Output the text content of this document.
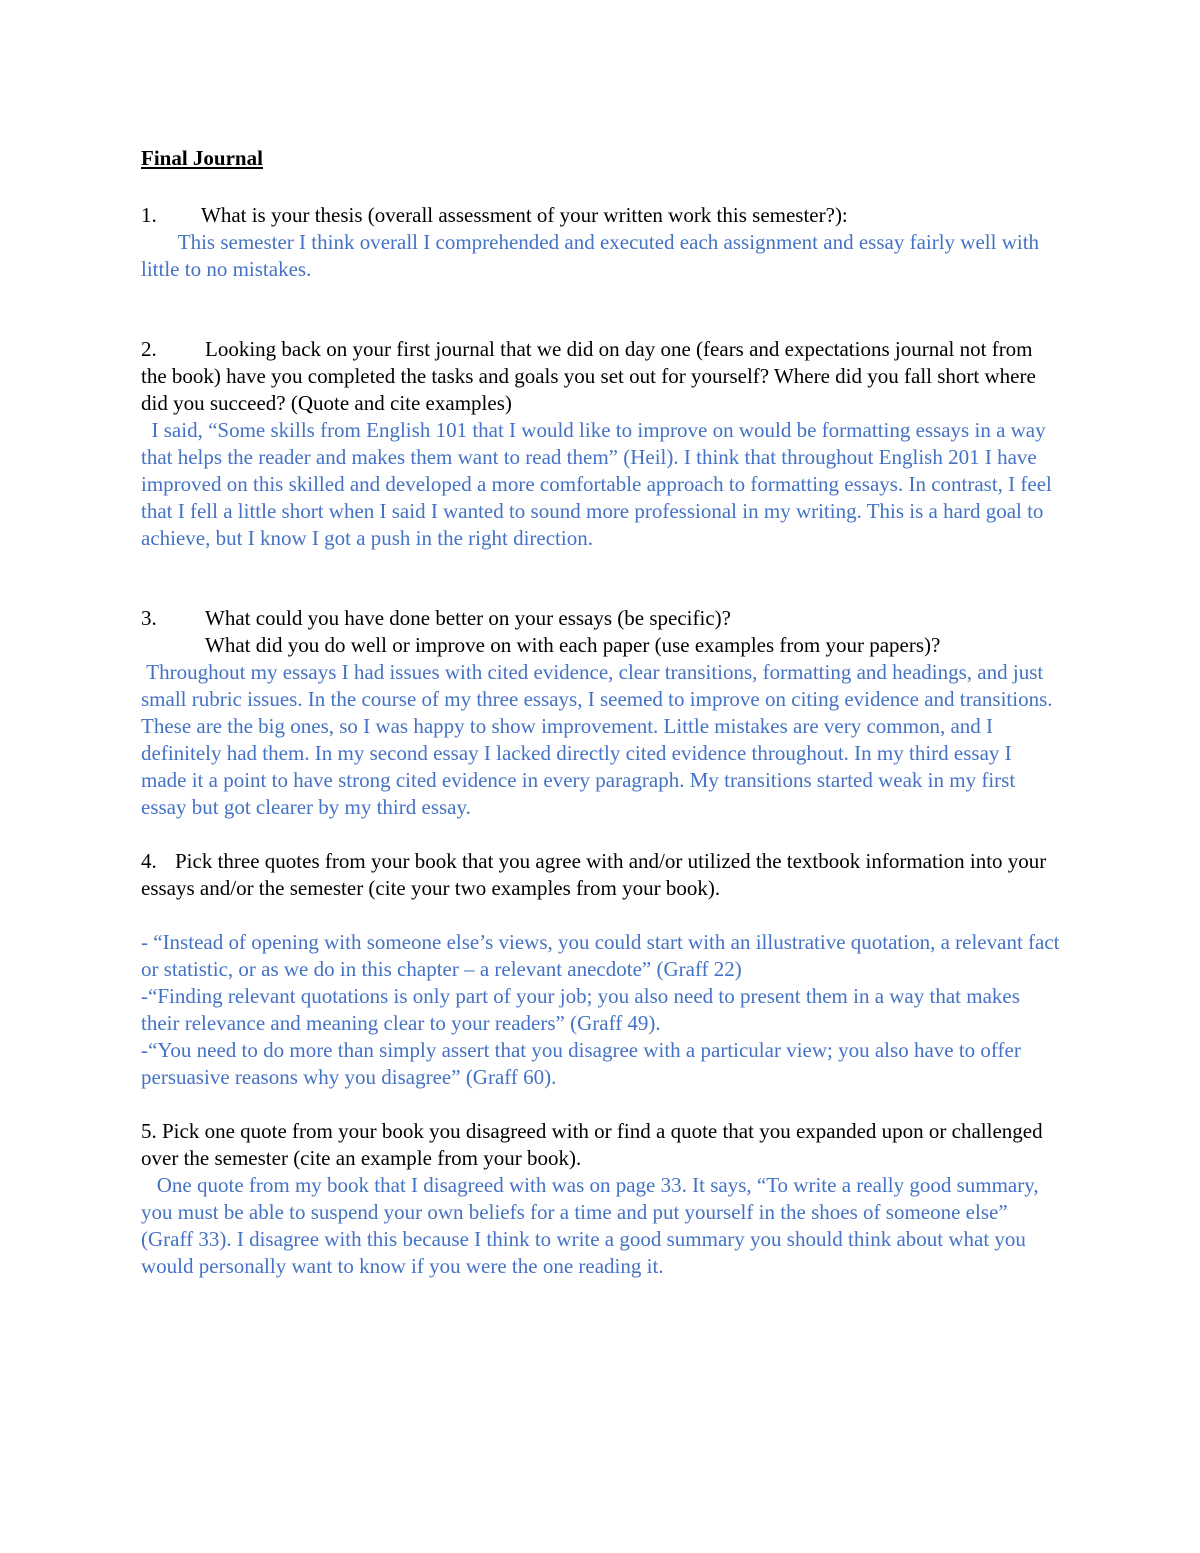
Final Journal

1. What is your thesis (overall assessment of your written work this semester?):

This semester I think overall I comprehended and executed each assignment and essay fairly well with little to no mistakes.

2. Looking back on your first journal that we did on day one (fears and expectations journal not from the book) have you completed the tasks and goals you set out for yourself? Where did you fall short where did you succeed? (Quote and cite examples)

I said, “Some skills from English 101 that I would like to improve on would be formatting essays in a way that helps the reader and makes them want to read them” (Heil). I think that throughout English 201 I have improved on this skilled and developed a more comfortable approach to formatting essays. In contrast, I feel that I fell a little short when I said I wanted to sound more professional in my writing. This is a hard goal to achieve, but I know I got a push in the right direction.

3. What could you have done better on your essays (be specific)?

What did you do well or improve on with each paper (use examples from your papers)?

Throughout my essays I had issues with cited evidence, clear transitions, formatting and headings, and just small rubric issues. In the course of my three essays, I seemed to improve on citing evidence and transitions. These are the big ones, so I was happy to show improvement. Little mistakes are very common, and I definitely had them. In my second essay I lacked directly cited evidence throughout. In my third essay I made it a point to have strong cited evidence in every paragraph. My transitions started weak in my first essay but got clearer by my third essay.

4. Pick three quotes from your book that you agree with and/or utilized the textbook information into your essays and/or the semester (cite your two examples from your book).

- “Instead of opening with someone else’s views, you could start with an illustrative quotation, a relevant fact or statistic, or as we do in this chapter – a relevant anecdote” (Graff 22)

-“Finding relevant quotations is only part of your job; you also need to present them in a way that makes their relevance and meaning clear to your readers” (Graff 49).

-“You need to do more than simply assert that you disagree with a particular view; you also have to offer persuasive reasons why you disagree” (Graff 60).

5. Pick one quote from your book you disagreed with or find a quote that you expanded upon or challenged over the semester (cite an example from your book).

One quote from my book that I disagreed with was on page 33. It says, “To write a really good summary, you must be able to suspend your own beliefs for a time and put yourself in the shoes of someone else” (Graff 33). I disagree with this because I think to write a good summary you should think about what you would personally want to know if you were the one reading it.
